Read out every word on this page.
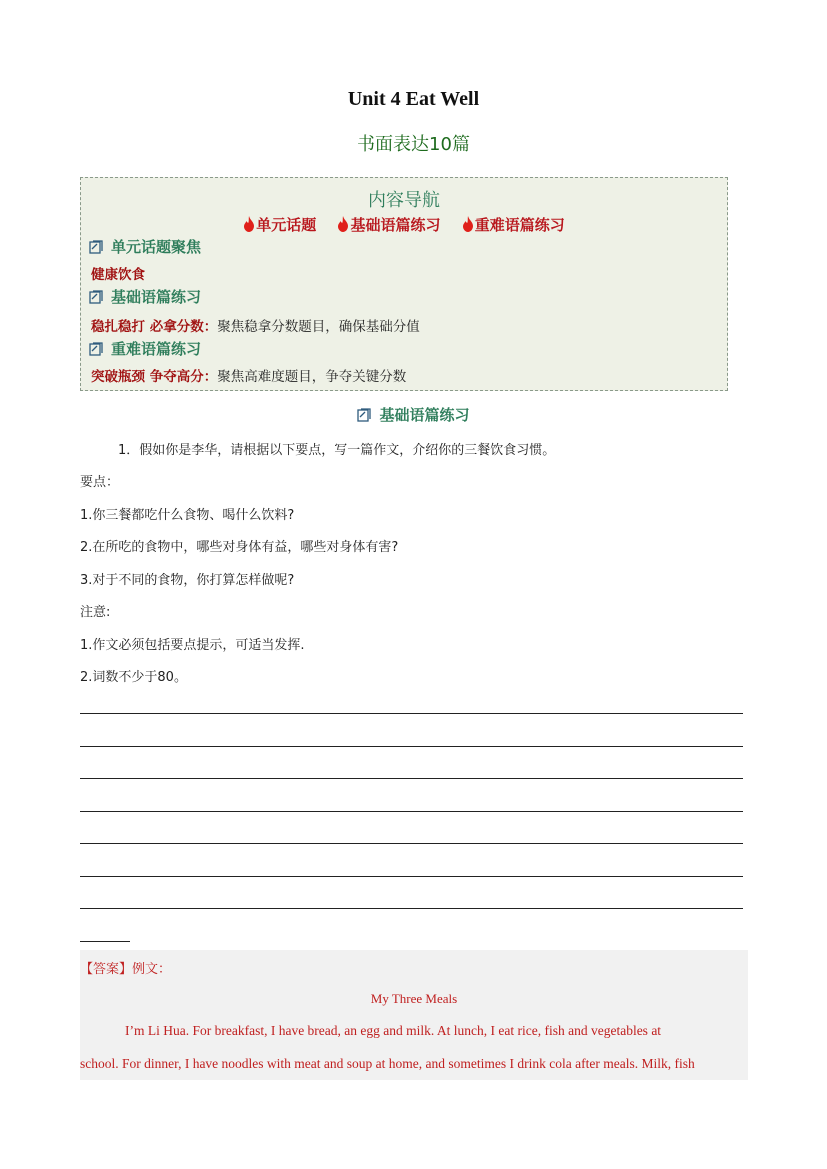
Unit 4 Eat Well
书面表达10篇
内容导航
单元话题 基础语篇练习 重难语篇练习
单元话题聚焦
健康饮食
基础语篇练习
稳扎稳打 必拿分数：聚焦稳拿分数题目，确保基础分值
重难语篇练习
突破瓶颈 争夺高分：聚焦高难度题目，争夺关键分数
基础语篇练习
1．假如你是李华，请根据以下要点，写一篇作文，介绍你的三餐饮食习惯。
要点：
1.你三餐都吃什么食物、喝什么饮料?
2.在所吃的食物中，哪些对身体有益，哪些对身体有害?
3.对于不同的食物，你打算怎样做呢?
注意:
1.作文必须包括要点提示，可适当发挥.
2.词数不少于80。
【答案】例文：
My Three Meals
I’m Li Hua. For breakfast, I have bread, an egg and milk. At lunch, I eat rice, fish and vegetables at
school. For dinner, I have noodles with meat and soup at home, and sometimes I drink cola after meals. Milk, fish
